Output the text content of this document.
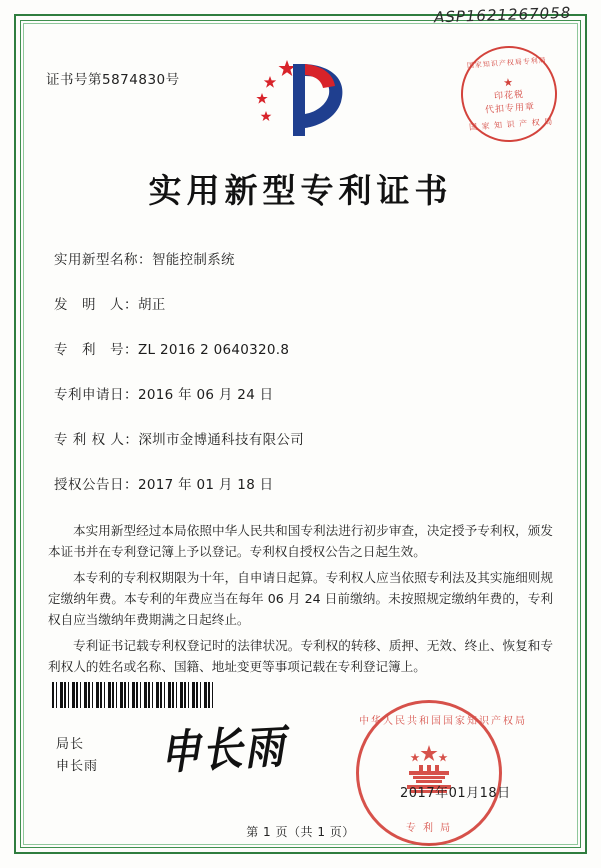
ASP1621267058
证书号第5874830号
国家知识产权局专利局
★
印花税
代扣专用章
国 家 知 识 产 权 局
实用新型专利证书
实用新型名称：智能控制系统
发　明　人：胡正
专　利　号：ZL 2016 2 0640320.8
专利申请日：2016 年 06 月 24 日
专 利 权 人：深圳市金博通科技有限公司
授权公告日：2017 年 01 月 18 日

本实用新型经过本局依照中华人民共和国专利法进行初步审查，决定授予专利权，颁发本证书并在专利登记簿上予以登记。专利权自授权公告之日起生效。

本专利的专利权期限为十年，自申请日起算。专利权人应当依照专利法及其实施细则规定缴纳年费。本专利的年费应当在每年 06 月 24 日前缴纳。未按照规定缴纳年费的，专利权自应当缴纳年费期满之日起终止。

专利证书记载专利权登记时的法律状况。专利权的转移、质押、无效、终止、恢复和专利权人的姓名或名称、国籍、地址变更等事项记载在专利登记簿上。

局长
申长雨 申长雨	中华人民共和国国家知识产权局
专 利 局
2017年01月18日
第 1 页（共 1 页）
